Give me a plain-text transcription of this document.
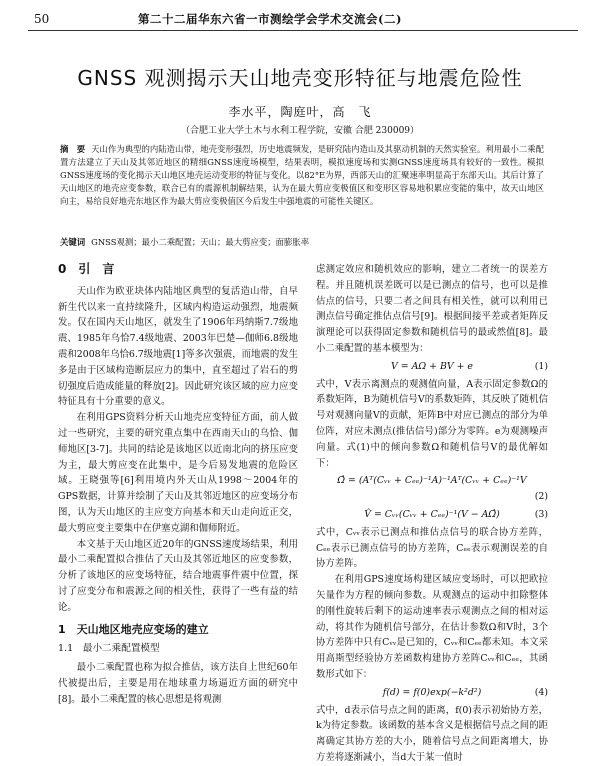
50	第二十二届华东六省一市测绘学会学术交流会(二)
GNSS 观测揭示天山地壳变形特征与地震危险性
李水平，陶庭叶，高　飞
（合肥工业大学土木与水利工程学院，安徽 合肥 230009）
摘　要 天山作为典型的内陆造山带，地壳变形强烈，历史地震频发，是研究陆内造山及其驱动机制的天然实验室。利用最小二乘配置方法建立了天山及其邻近地区的精细GNSS速度场模型，结果表明，模拟速度场和实测GNSS速度场具有较好的一致性。模拟GNSS速度场的变化揭示天山地区地壳运动变形的特征与变化。以82°E为界，西部天山的汇聚速率明显高于东部天山。其后计算了天山地区的地壳应变参数，联合已有的震源机制解结果，认为在最大剪应变极值区和变形区容易地积累应变能的集中，故天山地区向主，易给良好地壳东地区作为最大剪应变极值区今后发生中强地震的可能性关键区。
关键词 GNSS观测；最小二乘配置；天山；最大剪应变；面膨胀率
0　引　言

天山作为欧亚块体内陆地区典型的复活造山带，自早新生代以来一直持续隆升，区域内构造运动强烈，地震频发。仅在国内天山地区，就发生了1906年玛纳斯7.7级地震、1985年乌恰7.4级地震、2003年巴楚—伽师6.8级地震和2008年乌恰6.7级地震[1]等多次强震，而地震的发生多是由于区域构造断层应力的集中，直至超过了岩石的剪切强度后造成能量的释放[2]。因此研究该区域的应力应变特征具有十分重要的意义。

在利用GPS资料分析天山地壳应变特征方面，前人做过一些研究，主要的研究重点集中在西南天山的乌恰、伽师地区[3-7]。共同的结论是该地区以近南北向的挤压应变为主，最大剪应变在此集中，是今后易发地震的危险区域。王晓强等[6]利用境内外天山从1998～2004年的GPS数据，计算并绘制了天山及其邻近地区的应变场分布图，认为天山地区的主应变方向基本和天山走向近正交，最大剪应变主要集中在伊塞克湖和伽师附近。

本文基于天山地区近20年的GNSS速度场结果，利用最小二乘配置拟合推估了天山及其邻近地区的应变参数，分析了该地区的应变场特征，结合地震事件震中位置，探讨了应变分布和震源之间的相关性，获得了一些有益的结论。

1　天山地区地壳应变场的建立
1.1　最小二乘配置模型

最小二乘配置也称为拟合推估，该方法自上世纪60年代被提出后，主要是用在地球重力场逼近方面的研究中[8]。最小二乘配置的核心思想是将观测

虑测定效应和随机效应的影响，建立二者统一的误差方程。并且随机误差既可以是已测点的信号，也可以是推估点的信号，只要二者之间具有相关性，就可以利用已测点信号确定推估点信号[9]。根据间接平差或者矩阵反演理论可以获得固定参数和随机信号的最或然值[8]。最小二乘配置的基本模型为：

V = AΩ + BV + e	(1)

式中，V表示离测点的观测值向量，A表示固定参数Ω的系数矩阵，B为随机信号V的系数矩阵，其反映了随机信号对观测向量V的贡献，矩阵B中对应已测点的部分为单位阵，对应未测点(推估信号)部分为零阵。e为观测噪声向量。式(1)中的倾向参数Ω和随机信号V的最优解如下：

Ω̂ = (Aᵀ(Cᵥᵥ + Cₑₑ)⁻¹A)⁻¹Aᵀ(Cᵥᵥ + Cₑₑ)⁻¹V
(2)
V̂ = Cᵥᵥ(Cᵥᵥ + Cₑₑ)⁻¹(V − AΩ̂)	(3)

式中，Cᵥᵥ表示已测点和推估点信号的联合协方差阵，Cₑₑ表示已测点信号的协方差阵，Cₑₑ表示观测误差的自协方差阵。

在利用GPS速度场构建区域应变场时，可以把欧拉矢量作为方程的倾向参数。从观测点的运动中扣除整体的刚性旋转后剩下的运动速率表示观测点之间的相对运动，将其作为随机信号部分，在估计参数Ω和V时，3个协方差阵中只有Cᵥᵥ是已知的，Cᵥᵥ和Cₑₑ都未知。本文采用高斯型经验协方差函数构建协方差阵Cᵥᵥ和Cₑₑ，其函数形式如下：

f(d) = f(0)exp(−k²d²)	(4)

式中，d表示信号点之间的距离，f(0)表示初始协方差，k为待定参数。该函数的基本含义是根据信号点之间的距离确定其协方差的大小，随着信号点之间距离增大，协方差将逐渐减小，当d大于某一值时
